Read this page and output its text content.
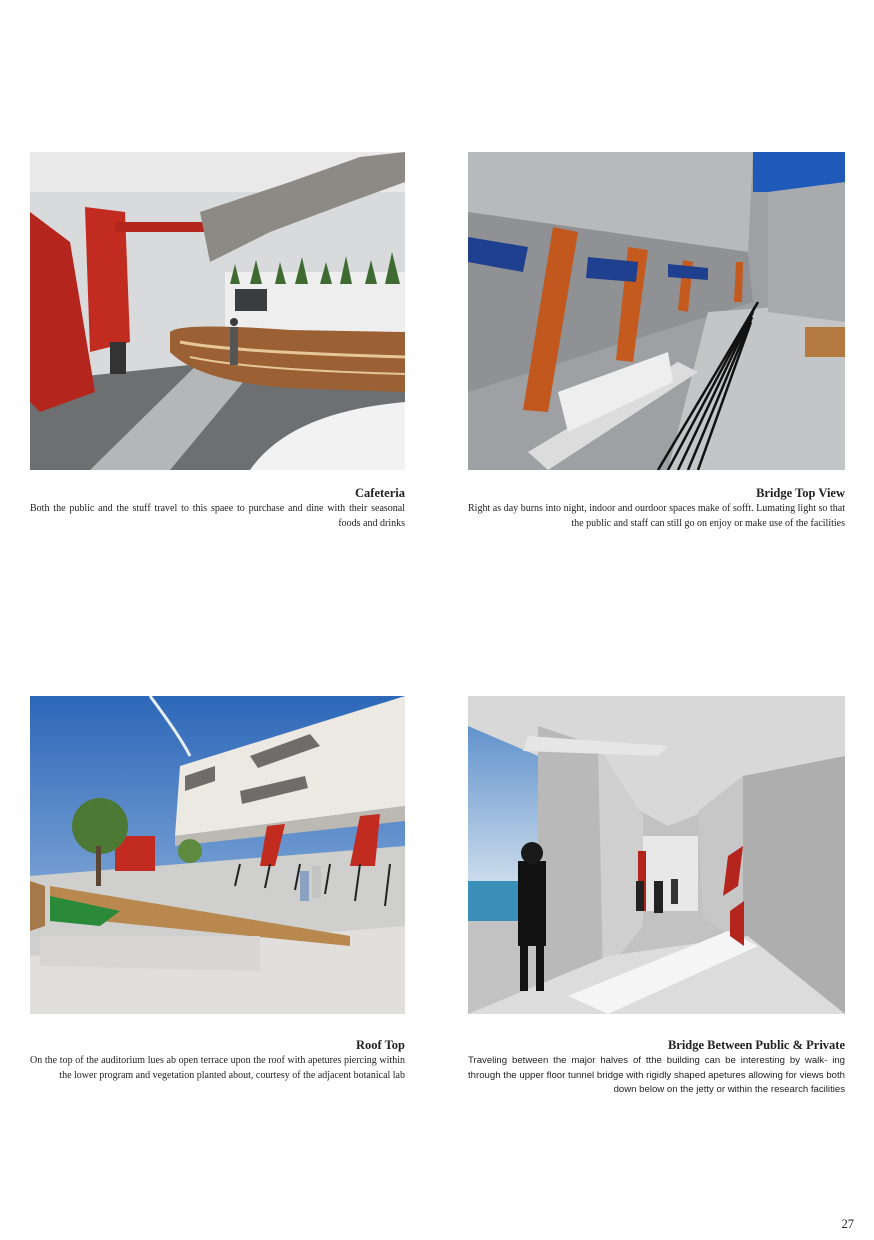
Cafeteria
Both the public and the stuff travel to this spaee to purchase and dine with their seasonal foods and drinks
Bridge Top View
Right as day burns into night, indoor and ourdoor spaces make of sofft. Lumating light so that the public and staff can still go on enjoy or make use of the facilities
Roof Top
On the top of the auditorium lues ab open terrace upon the roof with apetures piercing within the lower program and vegetation planted about, courtesy of the adjacent botanical lab
Bridge Between Public & Private
Traveling between the major halves of tthe building can be interesting by walk- ing through the upper floor tunnel bridge with rigidly shaped apetures allowing for views both down below on the jetty or within the research facilities
27
